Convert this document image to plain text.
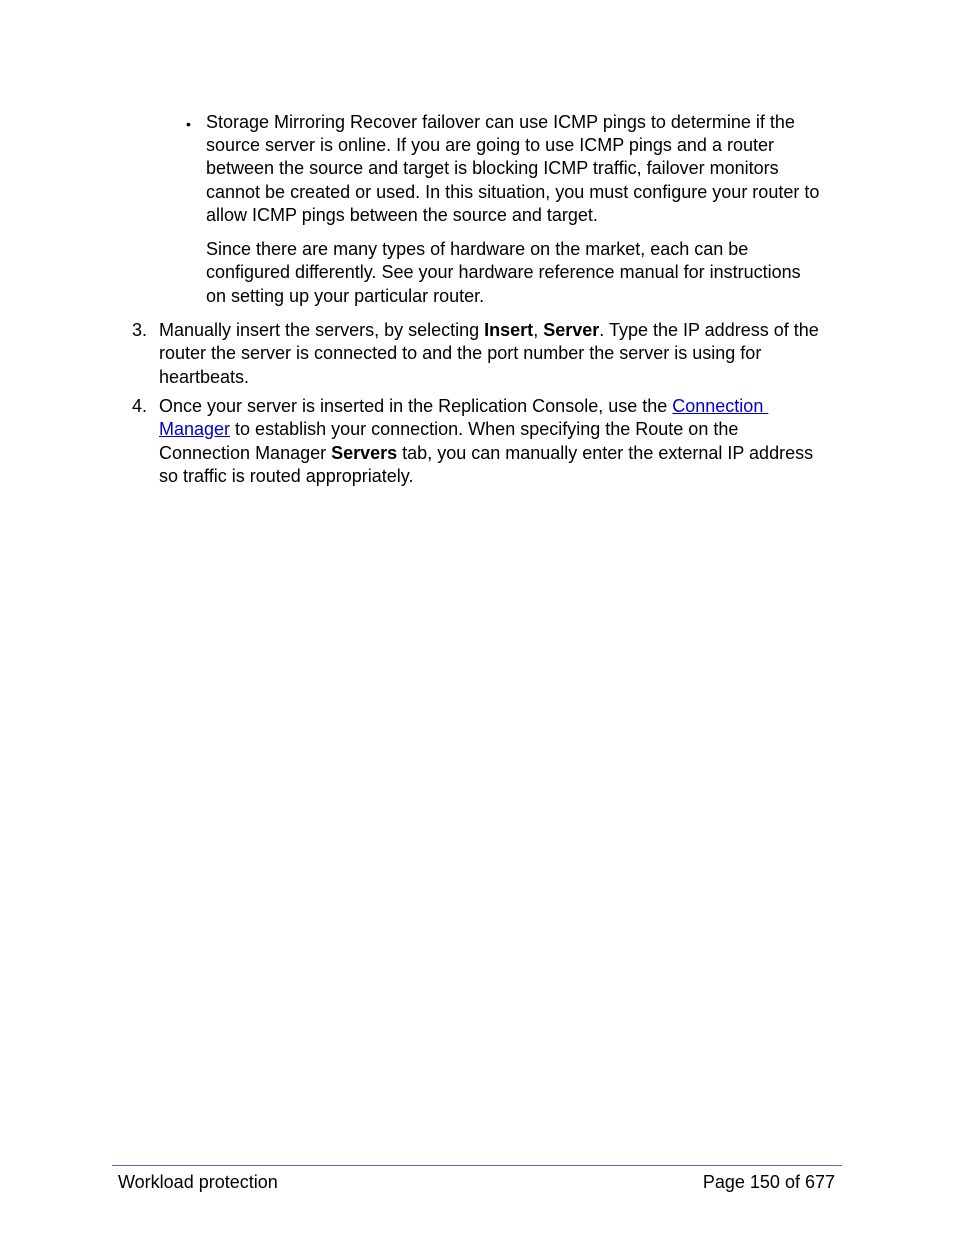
• Storage Mirroring Recover failover can use ICMP pings to determine if the
source server is online. If you are going to use ICMP pings and a router
between the source and target is blocking ICMP traffic, failover monitors
cannot be created or used. In this situation, you must configure your router to
allow ICMP pings between the source and target.
Since there are many types of hardware on the market, each can be
configured differently. See your hardware reference manual for instructions
on setting up your particular router.
3. Manually insert the servers, by selecting Insert, Server. Type the IP address of the
router the server is connected to and the port number the server is using for
heartbeats.
4. Once your server is inserted in the Replication Console, use the Connection
Manager to establish your connection. When specifying the Route on the
Connection Manager Servers tab, you can manually enter the external IP address
so traffic is routed appropriately.
Workload protection	Page 150 of 677
